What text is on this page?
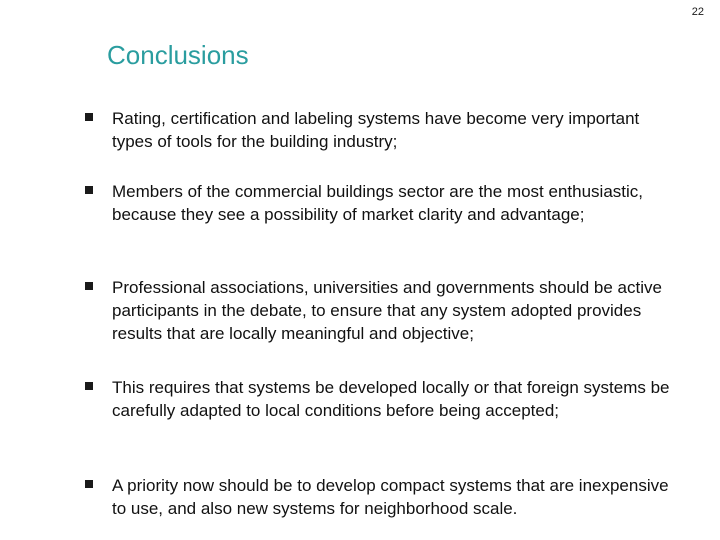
22
Conclusions
Rating, certification and labeling systems have become very important types of tools for the building industry;
Members of the commercial buildings sector are the most enthusiastic, because they see a possibility of market clarity and advantage;
Professional associations, universities and governments should be active participants in the debate, to ensure that any system adopted provides results that are locally meaningful and objective;
This requires that systems be developed locally or that foreign systems be carefully adapted to local conditions before being accepted;
A priority now should be to develop compact systems that are inexpensive to use, and also new systems for neighborhood scale.
